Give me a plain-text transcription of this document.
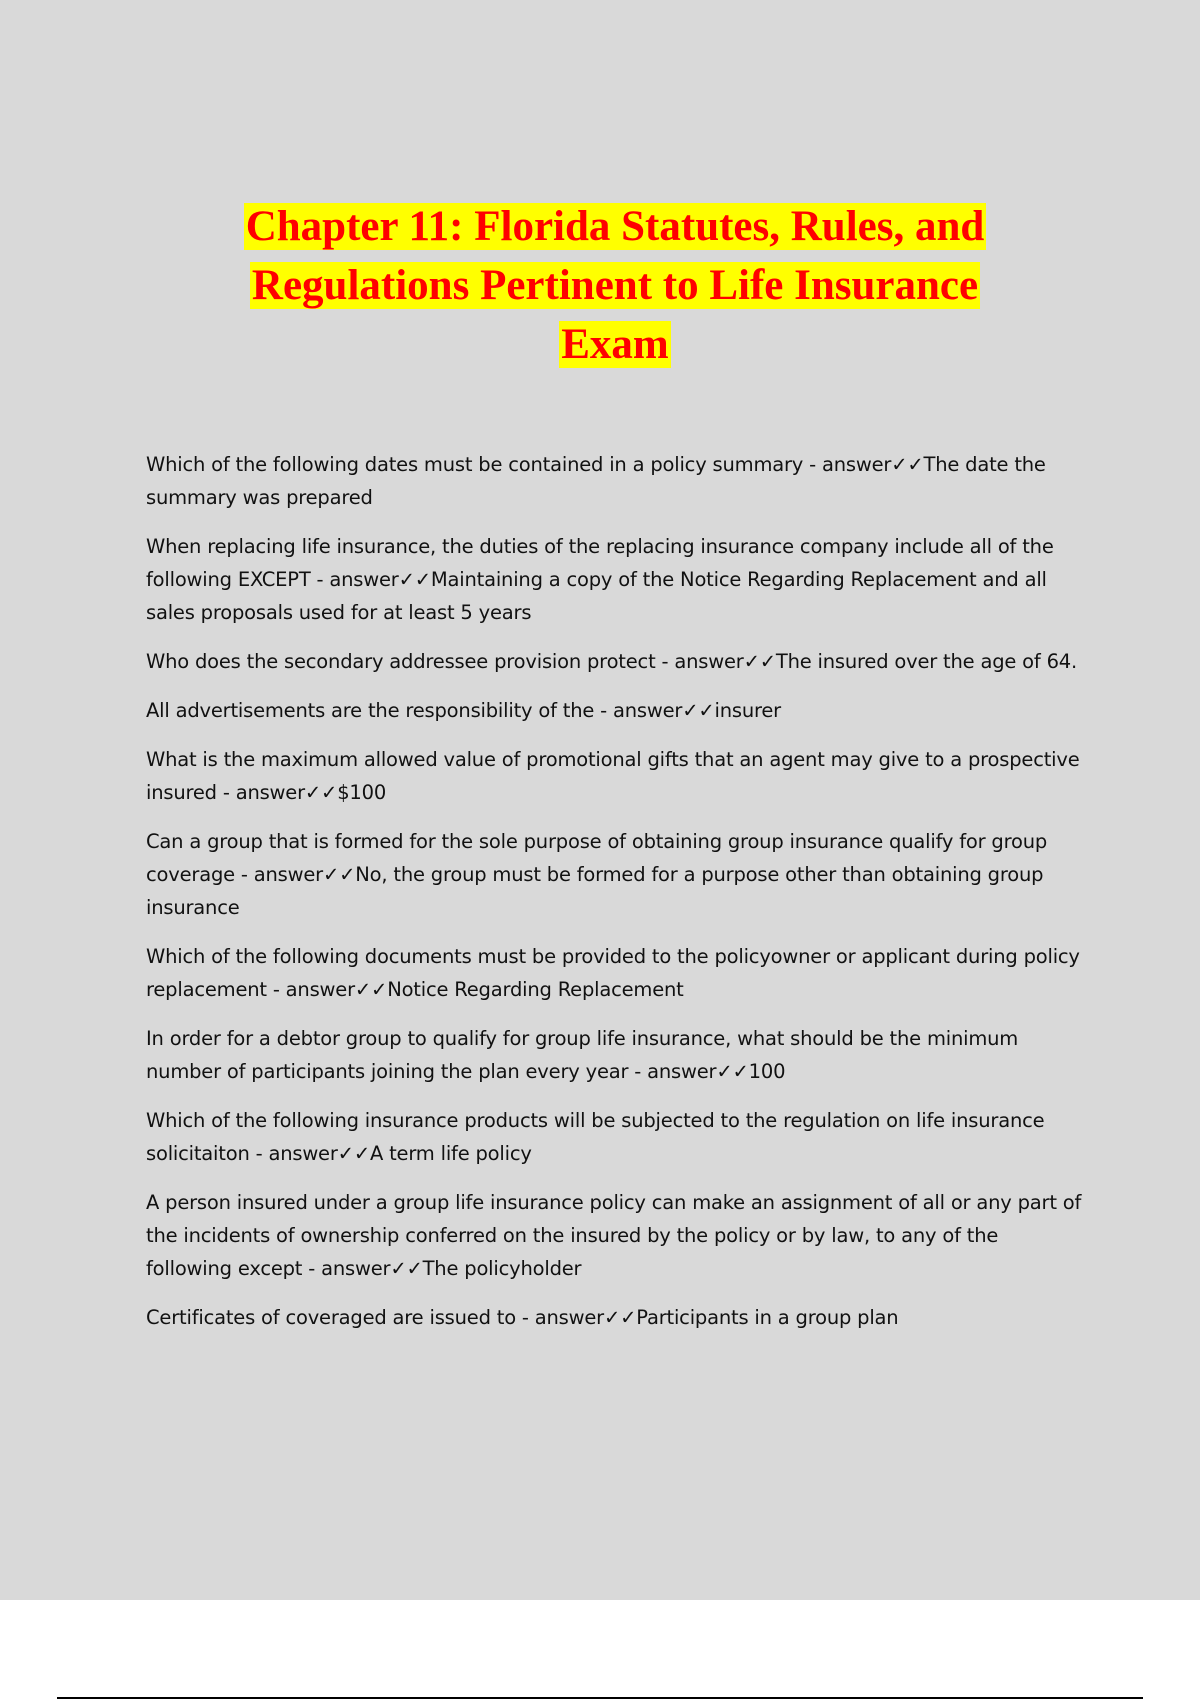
Chapter 11: Florida Statutes, Rules, and
Regulations Pertinent to Life Insurance
Exam

Which of the following dates must be contained in a policy summary - answer✓✓The date the summary was prepared

When replacing life insurance, the duties of the replacing insurance company include all of the following EXCEPT - answer✓✓Maintaining a copy of the Notice Regarding Replacement and all sales proposals used for at least 5 years

Who does the secondary addressee provision protect - answer✓✓The insured over the age of 64.

All advertisements are the responsibility of the - answer✓✓insurer

What is the maximum allowed value of promotional gifts that an agent may give to a prospective insured - answer✓✓$100

Can a group that is formed for the sole purpose of obtaining group insurance qualify for group coverage - answer✓✓No, the group must be formed for a purpose other than obtaining group insurance

Which of the following documents must be provided to the policyowner or applicant during policy replacement - answer✓✓Notice Regarding Replacement

In order for a debtor group to qualify for group life insurance, what should be the minimum number of participants joining the plan every year - answer✓✓100

Which of the following insurance products will be subjected to the regulation on life insurance solicitaiton - answer✓✓A term life policy

A person insured under a group life insurance policy can make an assignment of all or any part of the incidents of ownership conferred on the insured by the policy or by law, to any of the following except - answer✓✓The policyholder

Certificates of coveraged are issued to - answer✓✓Participants in a group plan
